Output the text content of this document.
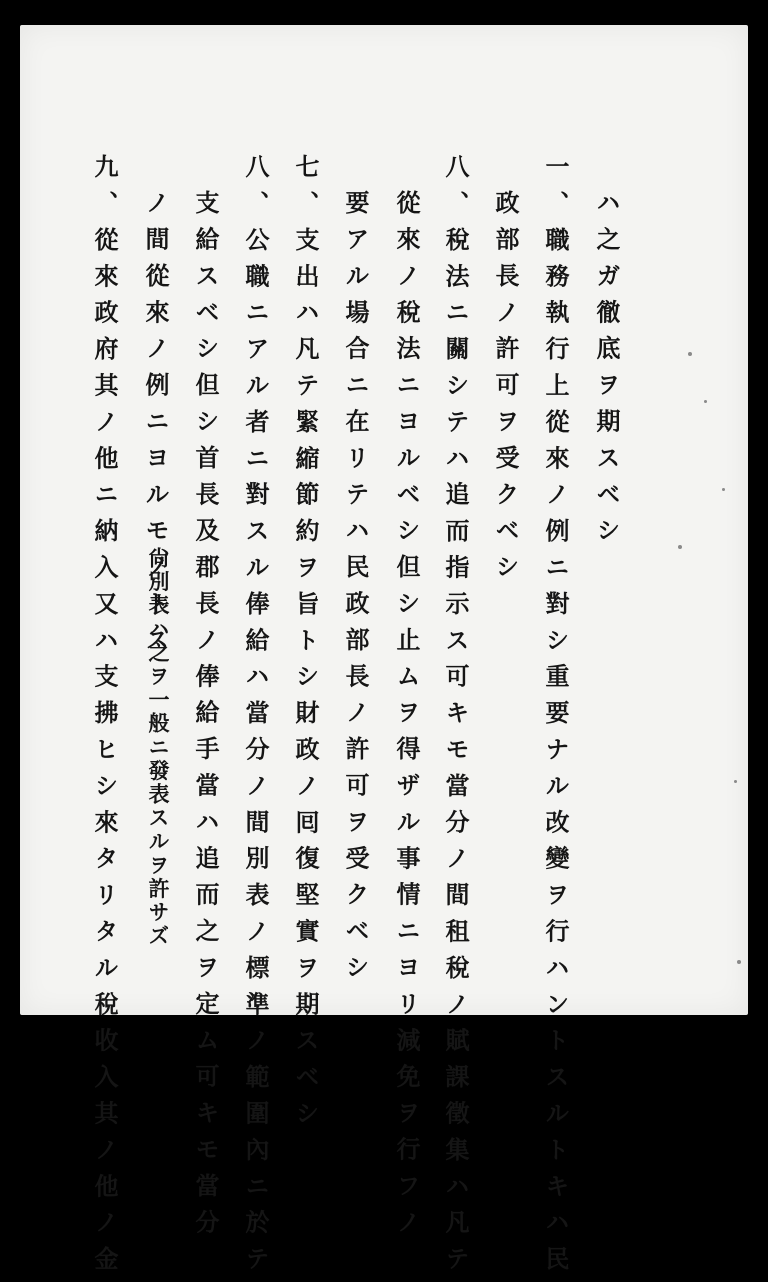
ハ之ガ徹底ヲ期スベシ
一、職務執行上從來ノ例ニ對シ重要ナル改變ヲ行ハントスルトキハ民
政部長ノ許可ヲ受クベシ
八、稅法ニ關シテハ追而指示ス可キモ當分ノ間租稅ノ賦課徵集ハ凡テ
從來ノ稅法ニヨルベシ但シ止ムヲ得ザル事情ニヨリ減免ヲ行フノ
要アル場合ニ在リテハ民政部長ノ許可ヲ受クベシ
七、支出ハ凡テ緊縮節約ヲ旨トシ財政ノ囘復堅實ヲ期スベシ
八、公職ニアル者ニ對スル俸給ハ當分ノ間別表ノ標準ノ範圍內ニ於テ
支給スベシ但シ首長及郡長ノ俸給手當ハ追而之ヲ定ム可キモ當分
ノ間從來ノ例ニヨルモノトス
尙別表ハ之ヲ一般ニ發表スルヲ許サズ
九、從來政府其ノ他ニ納入又ハ支拂ヒシ來タリタル稅收入其ノ他ノ金
